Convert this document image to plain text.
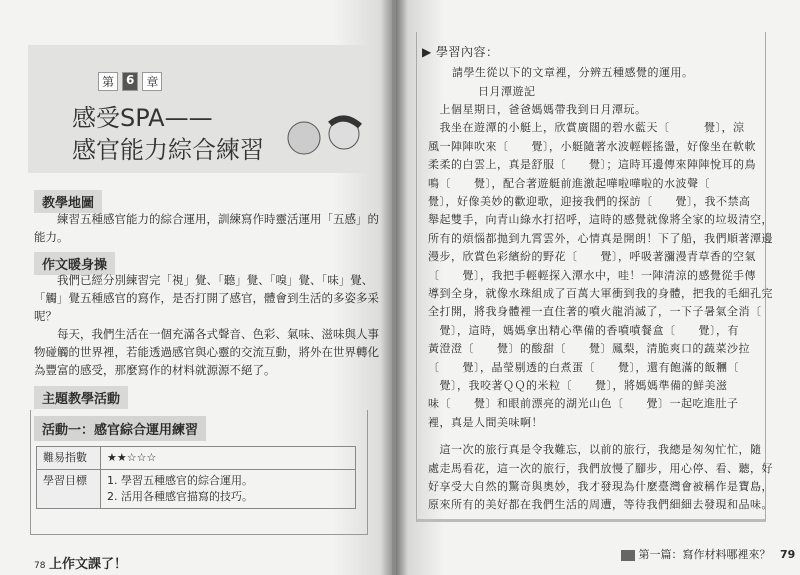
第	6	章
感受SPA——
感官能力綜合練習
教學地圖
練習五種感官能力的綜合運用，訓練寫作時靈活運用「五感」的能力。
作文暖身操
我們已經分別練習完「視」覺、「聽」覺、「嗅」覺、「味」覺、「觸」覺五種感官的寫作，是否打開了感官，體會到生活的多姿多采呢？
每天，我們生活在一個充滿各式聲音、色彩、氣味、滋味與人事物碰觸的世界裡，若能透過感官與心靈的交流互動，將外在世界轉化為豐富的感受，那麼寫作的材料就源源不絕了。
主題教學活動
活動一：感官綜合運用練習
難易指數	★★☆☆☆
學習目標	1. 學習五種感官的綜合運用。
2. 活用各種感官描寫的技巧。
78 上作文課了！
▶ 學習內容：
請學生從以下的文章裡，分辨五種感覺的運用。
日月潭遊記
　上個星期日，爸爸媽媽帶我到日月潭玩。
　我坐在遊潭的小艇上，欣賞廣闊的碧水藍天〔　　　覺〕，涼
風一陣陣吹來〔　　覺〕，小艇隨著水波輕輕搖盪，好像坐在軟軟
柔柔的白雲上，真是舒服〔　　覺〕；這時耳邊傳來陣陣悅耳的鳥
鳴〔　　覺〕，配合著遊艇前進激起嘩啦嘩啦的水波聲〔
覺〕，好像美妙的歡迎歌，迎接我們的探訪〔　　覺〕，我不禁高
舉起雙手，向青山綠水打招呼，這時的感覺就像將全家的垃圾清空，
所有的煩惱都拋到九霄雲外，心情真是開朗！下了船，我們順著潭邊
漫步，欣賞色彩繽紛的野花〔　　覺〕，呼吸著瀰漫青草香的空氣
〔　　覺〕，我把手輕輕探入潭水中，哇！一陣清涼的感覺從手傳
導到全身，就像水珠組成了百萬大軍衝到我的身體，把我的毛細孔完
全打開，將我身體裡一直住著的噴火龍消滅了，一下子暑氣全消〔
　覺〕，這時，媽媽拿出精心準備的香噴噴餐盒〔　　覺〕，有
黃澄澄〔　　覺〕的酸甜〔　　覺〕鳳梨，清脆爽口的蔬菜沙拉
〔　　覺〕，晶瑩剔透的白煮蛋〔　　覺〕，還有飽滿的飯糰〔
　覺〕，我咬著ＱＱ的米粒〔　　覺〕，將媽媽準備的鮮美滋
味〔　　覺〕和眼前漂亮的湖光山色〔　　覺〕一起吃進肚子
裡，真是人間美味啊！
　這一次的旅行真是令我難忘，以前的旅行，我總是匆匆忙忙，隨
處走馬看花，這一次的旅行，我們放慢了腳步，用心停、看、聽，好
好享受大自然的驚奇與奧妙，我才發現為什麼臺灣會被稱作是寶島，
原來所有的美好都在我們生活的周遭，等待我們細細去發現和品味。
第一篇：寫作材料哪裡來？ 79
